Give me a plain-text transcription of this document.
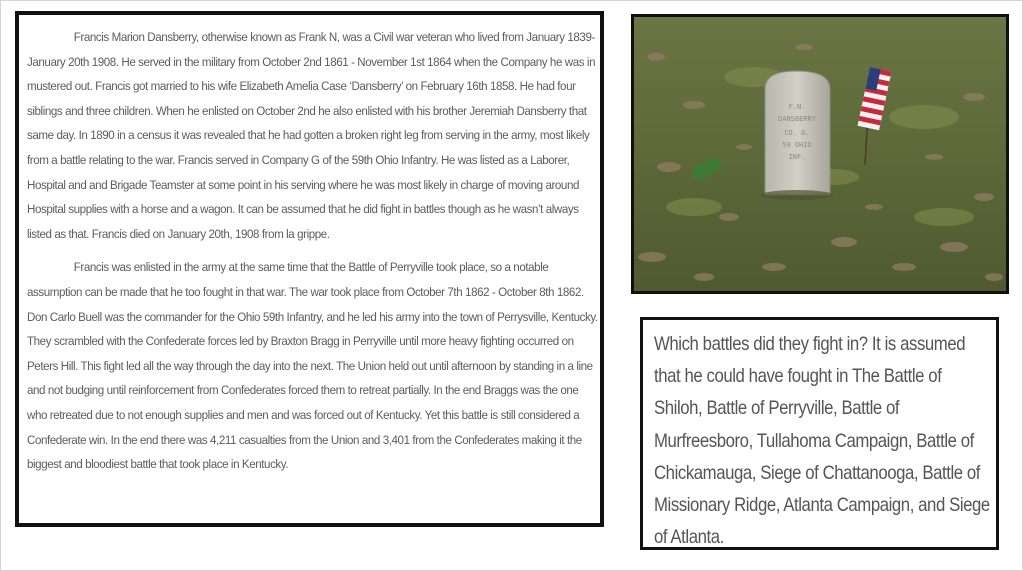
Francis Marion Dansberry, otherwise known as Frank N, was a Civil war veteran who lived from January 1839- January 20th 1908. He served in the military from October 2nd 1861 - November 1st 1864 when the Company he was in mustered out. Francis got married to his wife Elizabeth Amelia Case ‘Dansberry’ on February 16th 1858. He had four siblings and three children. When he enlisted on October 2nd he also enlisted with his brother Jeremiah Dansberry that same day. In 1890 in a census it was revealed that he had gotten a broken right leg from serving in the army, most likely from a battle relating to the war. Francis served in Company G of the 59th Ohio Infantry. He was listed as a Laborer, Hospital and and Brigade Teamster at some point in his serving where he was most likely in charge of moving around Hospital supplies with a horse and a wagon. It can be assumed that he did fight in battles though as he wasn’t always listed as that. Francis died on January 20th, 1908 from la grippe.

Francis was enlisted in the army at the same time that the Battle of Perryville took place, so a notable assumption can be made that he too fought in that war. The war took place from October 7th 1862 - October 8th 1862. Don Carlo Buell was the commander for the Ohio 59th Infantry, and he led his army into the town of Perrysville, Kentucky. They scrambled with the Confederate forces led by Braxton Bragg in Perryville until more heavy fighting occurred on Peters Hill. This fight led all the way through the day into the next. The Union held out until afternoon by standing in a line and not budging until reinforcement from Confederates forced them to retreat partially. In the end Braggs was the one who retreated due to not enough supplies and men and was forced out of Kentucky. Yet this battle is still considered a Confederate win. In the end there was 4,211 casualties from the Union and 3,401 from the Confederates making it the biggest and bloodiest battle that took place in Kentucky.

F.N.
DANSBERRY
CO. G.
59 OHIO
INF.

Which battles did they fight in? It is assumed that he could have fought in The Battle of Shiloh, Battle of Perryville, Battle of Murfreesboro, Tullahoma Campaign, Battle of Chickamauga, Siege of Chattanooga, Battle of Missionary Ridge, Atlanta Campaign, and Siege of Atlanta.
